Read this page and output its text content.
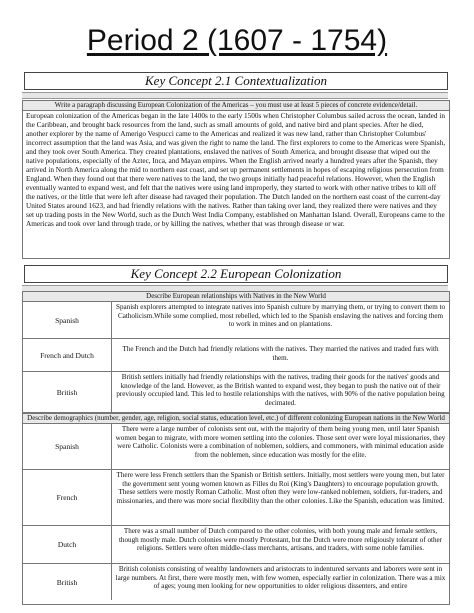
Period 2 (1607 - 1754)
Key Concept 2.1 Contextualization
Write a paragraph discussing European Colonization of the Americas – you must use at least 5 pieces of concrete evidence/detail.
European colonization of the Americas began in the late 1400s to the early 1500s when Christopher Columbus sailed across the ocean, landed in the Caribbean, and brought back resources from the land, such as small amounts of gold, and native bird and plant species. After he died, another explorer by the name of Amerigo Vespucci came to the Americas and realized it was new land, rather than Christopher Columbus' incorrect assumption that the land was Asia, and was given the right to name the land. The first explorers to come to the Americas were Spanish, and they took over South America. They created plantations, enslaved the natives of South America, and brought disease that wiped out the native populations, especially of the Aztec, Inca, and Mayan empires. When the English arrived nearly a hundred years after the Spanish, they arrived in North America along the mid to northern east coast, and set up permanent settlements in hopes of escaping religious persecution from England. When they found out that there were natives to the land, the two groups initially had peaceful relations. However, when the English eventually wanted to expand west, and felt that the natives were using land improperly, they started to work with other native tribes to kill off the natives, or the little that were left after disease had ravaged their population. The Dutch landed on the northern east coast of the current-day United States around 1623, and had friendly relations with the natives. Rather than taking over land, they realized there were natives and they set up trading posts in the New World, such as the Dutch West India Company, established on Manhattan Island. Overall, Europeans came to the Americas and took over land through trade, or by killing the natives, whether that was through disease or war.
Key Concept 2.2 European Colonization
Describe European relationships with Natives in the New World
Spanish
Spanish explorers attempted to integrate natives into Spanish culture by marrying them, or trying to convert them to Catholicism.While some complied, most rebelled, which led to the Spanish enslaving the natives and forcing them to work in mines and on plantations.
French and Dutch
The French and the Dutch had friendly relations with the natives. They married the natives and traded furs with them.
British
British settlers initially had friendly relationships with the natives, trading their goods for the natives' goods and knowledge of the land. However, as the British wanted to expand west, they began to push the native out of their previously occupied land. This led to hostile relationships with the natives, with 90% of the native population being decimated.
Describe demographics (number, gender, age, religion, social status, education level, etc.) of different colonizing European nations in the New World
Spanish
There were a large number of colonists sent out, with the majority of them being young men, until later Spanish women began to migrate, with more women settling into the colonies. Those sent over were loyal missionaries, they were Catholic. Colonists were a combination of noblemen, soldiers, and commoners, with minimal education aside from the noblemen, since education was mostly for the elite.
French
There were less French settlers than the Spanish or British settlers. Initially, most settlers were young men, but later the government sent young women known as Filles du Roi (King's Daughters) to encourage population growth. These settlers were mostly Roman Catholic. Most often they were low-ranked noblemen, soldiers, fur-traders, and missionaries, and there was more social flexibility than the other colonies. Like the Spanish, education was limited.
Dutch
There was a small number of Dutch compared to the other colonies, with both young male and female settlers, though mostly male. Dutch colonies were mostly Protestant, but the Dutch were more religiously tolerant of other religions. Settlers were often middle-class merchants, artisans, and traders, with some noble families.
British
British colonists consisting of wealthy landowners and aristocrats to indentured servants and laborers were sent in large numbers. At first, there were mostly men, with few women, especially earlier in colonization. There was a mix of ages; young men looking for new opportunities to older religious dissenters, and entire
